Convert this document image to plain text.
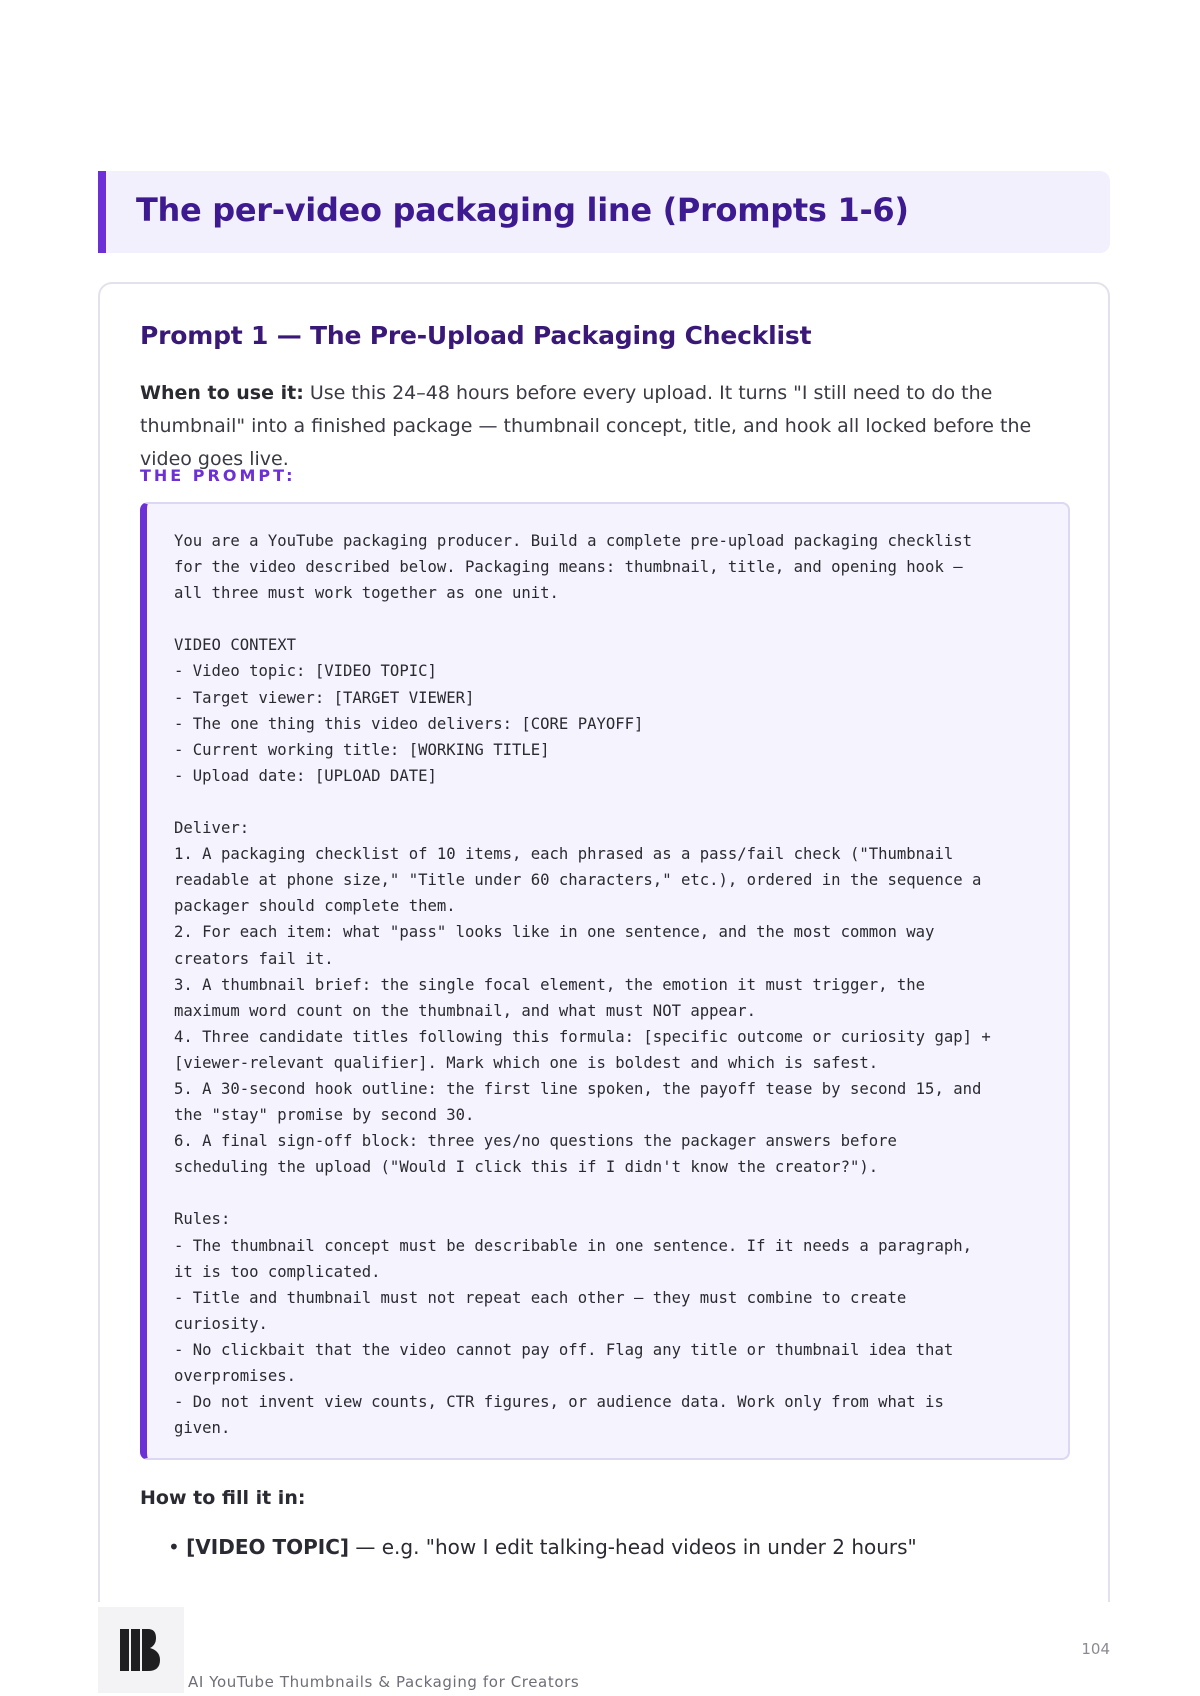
The per-video packaging line (Prompts 1-6)
Prompt 1 — The Pre-Upload Packaging Checklist

When to use it: Use this 24–48 hours before every upload. It turns "I still need to do the thumbnail" into a finished package — thumbnail concept, title, and hook all locked before the video goes live.

THE PROMPT:

You are a YouTube packaging producer. Build a complete pre-upload packaging checklist
for the video described below. Packaging means: thumbnail, title, and opening hook —
all three must work together as one unit.

VIDEO CONTEXT
- Video topic: [VIDEO TOPIC]
- Target viewer: [TARGET VIEWER]
- The one thing this video delivers: [CORE PAYOFF]
- Current working title: [WORKING TITLE]
- Upload date: [UPLOAD DATE]

Deliver:
1. A packaging checklist of 10 items, each phrased as a pass/fail check ("Thumbnail
readable at phone size," "Title under 60 characters," etc.), ordered in the sequence a
packager should complete them.
2. For each item: what "pass" looks like in one sentence, and the most common way
creators fail it.
3. A thumbnail brief: the single focal element, the emotion it must trigger, the
maximum word count on the thumbnail, and what must NOT appear.
4. Three candidate titles following this formula: [specific outcome or curiosity gap] +
[viewer-relevant qualifier]. Mark which one is boldest and which is safest.
5. A 30-second hook outline: the first line spoken, the payoff tease by second 15, and
the "stay" promise by second 30.
6. A final sign-off block: three yes/no questions the packager answers before
scheduling the upload ("Would I click this if I didn't know the creator?").

Rules:
- The thumbnail concept must be describable in one sentence. If it needs a paragraph,
it is too complicated.
- Title and thumbnail must not repeat each other — they must combine to create
curiosity.
- No clickbait that the video cannot pay off. Flag any title or thumbnail idea that
overpromises.
- Do not invent view counts, CTR figures, or audience data. Work only from what is
given.

How to fill it in:

• [VIDEO TOPIC] — e.g. "how I edit talking-head videos in under 2 hours"

AI YouTube Thumbnails & Packaging for Creators

104
